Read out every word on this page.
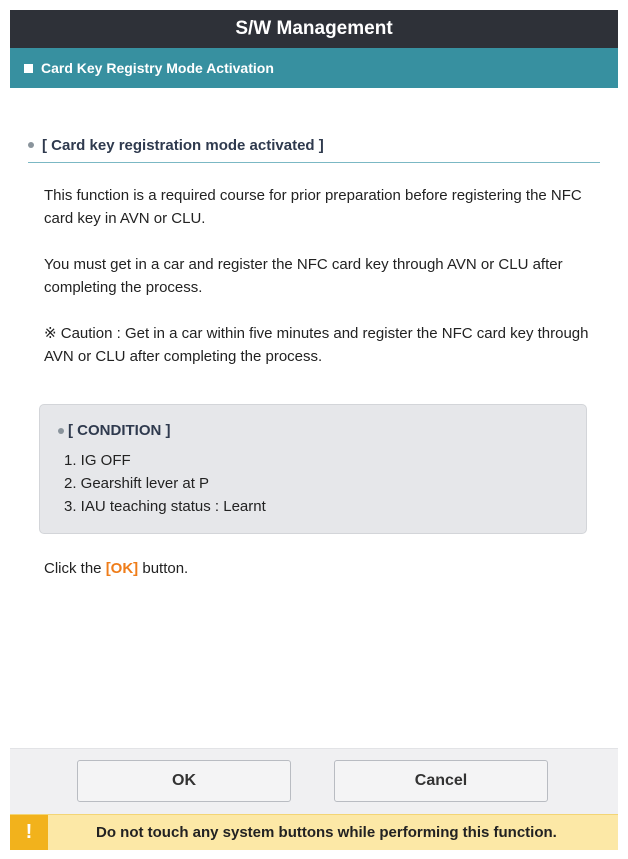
S/W Management
Card Key Registry Mode Activation
[ Card key registration mode activated ]

This function is a required course for prior preparation before registering the NFC card key in AVN or CLU.

You must get in a car and register the NFC card key through AVN or CLU after completing the process.

※ Caution : Get in a car within five minutes and register the NFC card key through AVN or CLU after completing the process.

[ CONDITION ]
1. IG OFF
2. Gearshift lever at P
3. IAU teaching status : Learnt
Click the [OK] button.
OK	Cancel
!	Do not touch any system buttons while performing this function.
